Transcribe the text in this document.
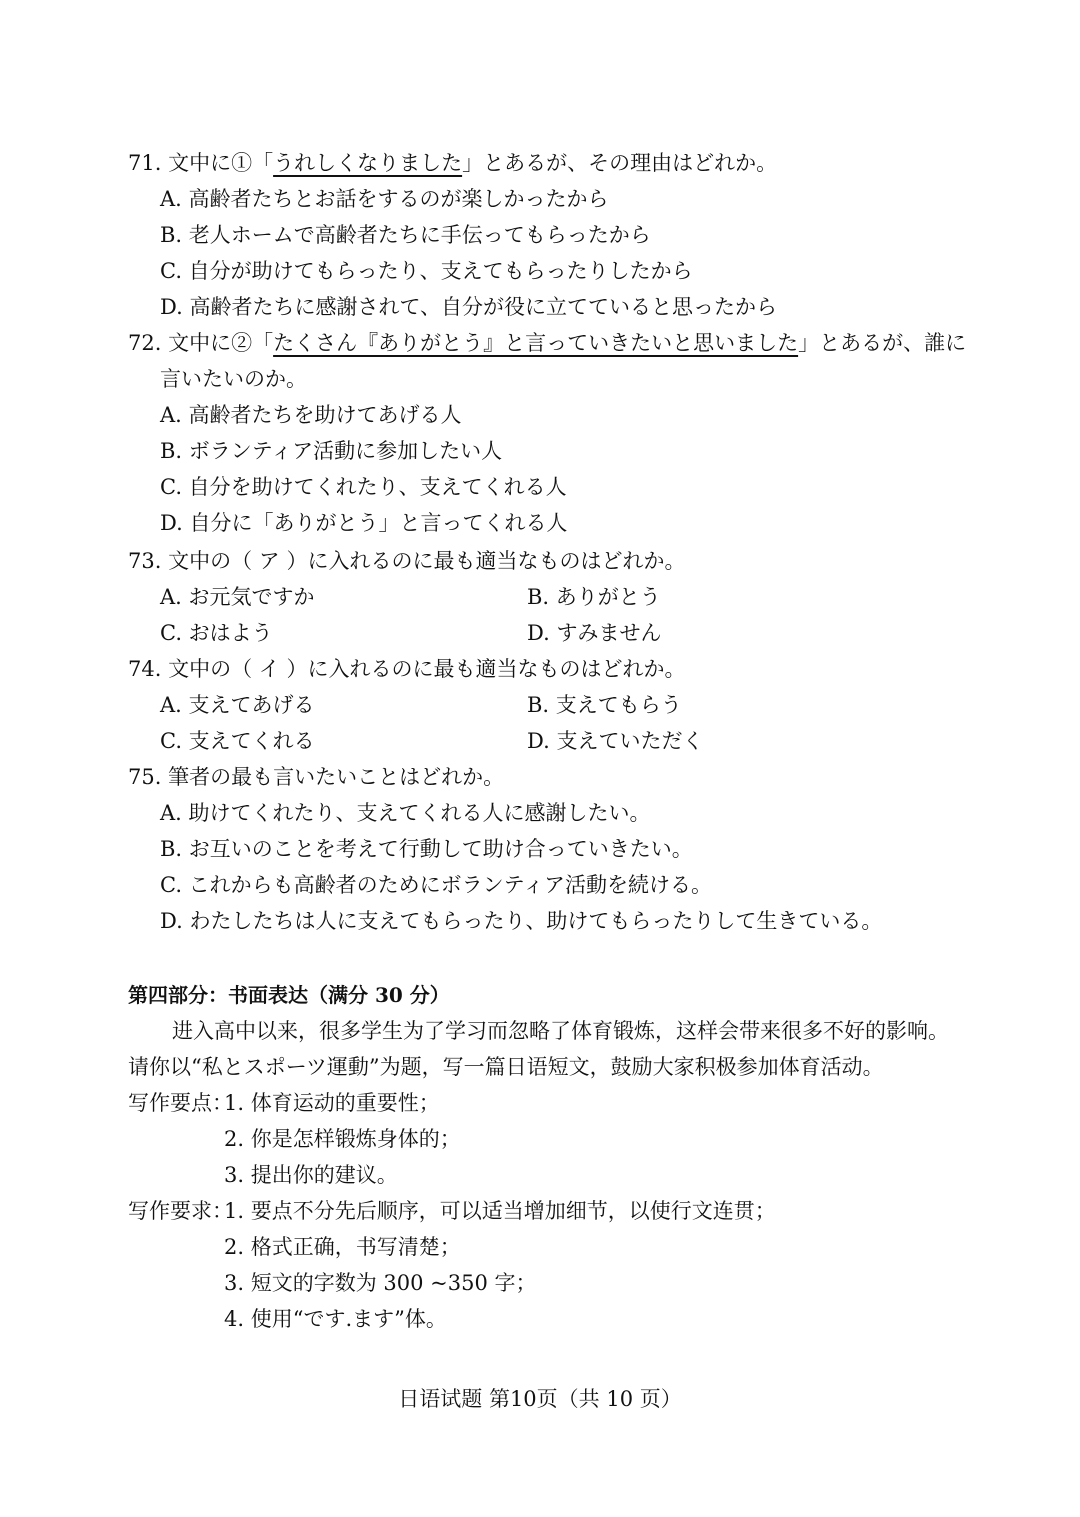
71. 文中に①「うれしくなりました」とあるが、その理由はどれか。
A. 高齢者たちとお話をするのが楽しかったから
B. 老人ホームで高齢者たちに手伝ってもらったから
C. 自分が助けてもらったり、支えてもらったりしたから
D. 高齢者たちに感謝されて、自分が役に立てていると思ったから
72. 文中に②「たくさん『ありがとう』と言っていきたいと思いました」とあるが、誰に
言いたいのか。
A. 高齢者たちを助けてあげる人
B. ボランティア活動に参加したい人
C. 自分を助けてくれたり、支えてくれる人
D. 自分に「ありがとう」と言ってくれる人
73. 文中の（ ア ）に入れるのに最も適当なものはどれか。
A. お元気ですか	B. ありがとう
C. おはよう	D. すみません
74. 文中の（ イ ）に入れるのに最も適当なものはどれか。
A. 支えてあげる	B. 支えてもらう
C. 支えてくれる	D. 支えていただく
75. 筆者の最も言いたいことはどれか。
A. 助けてくれたり、支えてくれる人に感謝したい。
B. お互いのことを考えて行動して助け合っていきたい。
C. これからも高齢者のためにボランティア活動を続ける。
D. わたしたちは人に支えてもらったり、助けてもらったりして生きている。
第四部分：书面表达（满分 30 分）
进入高中以来，很多学生为了学习而忽略了体育锻炼，这样会带来很多不好的影响。
请你以“私とスポーツ運動”为题，写一篇日语短文，鼓励大家积极参加体育活动。
写作要点：
1. 体育运动的重要性；
2. 你是怎样锻炼身体的；
3. 提出你的建议。
写作要求：
1. 要点不分先后顺序，可以适当增加细节，以使行文连贯；
2. 格式正确，书写清楚；
3. 短文的字数为 300 ~350 字；
4. 使用“です.ます”体。
日语试题 第10页（共 10 页）
